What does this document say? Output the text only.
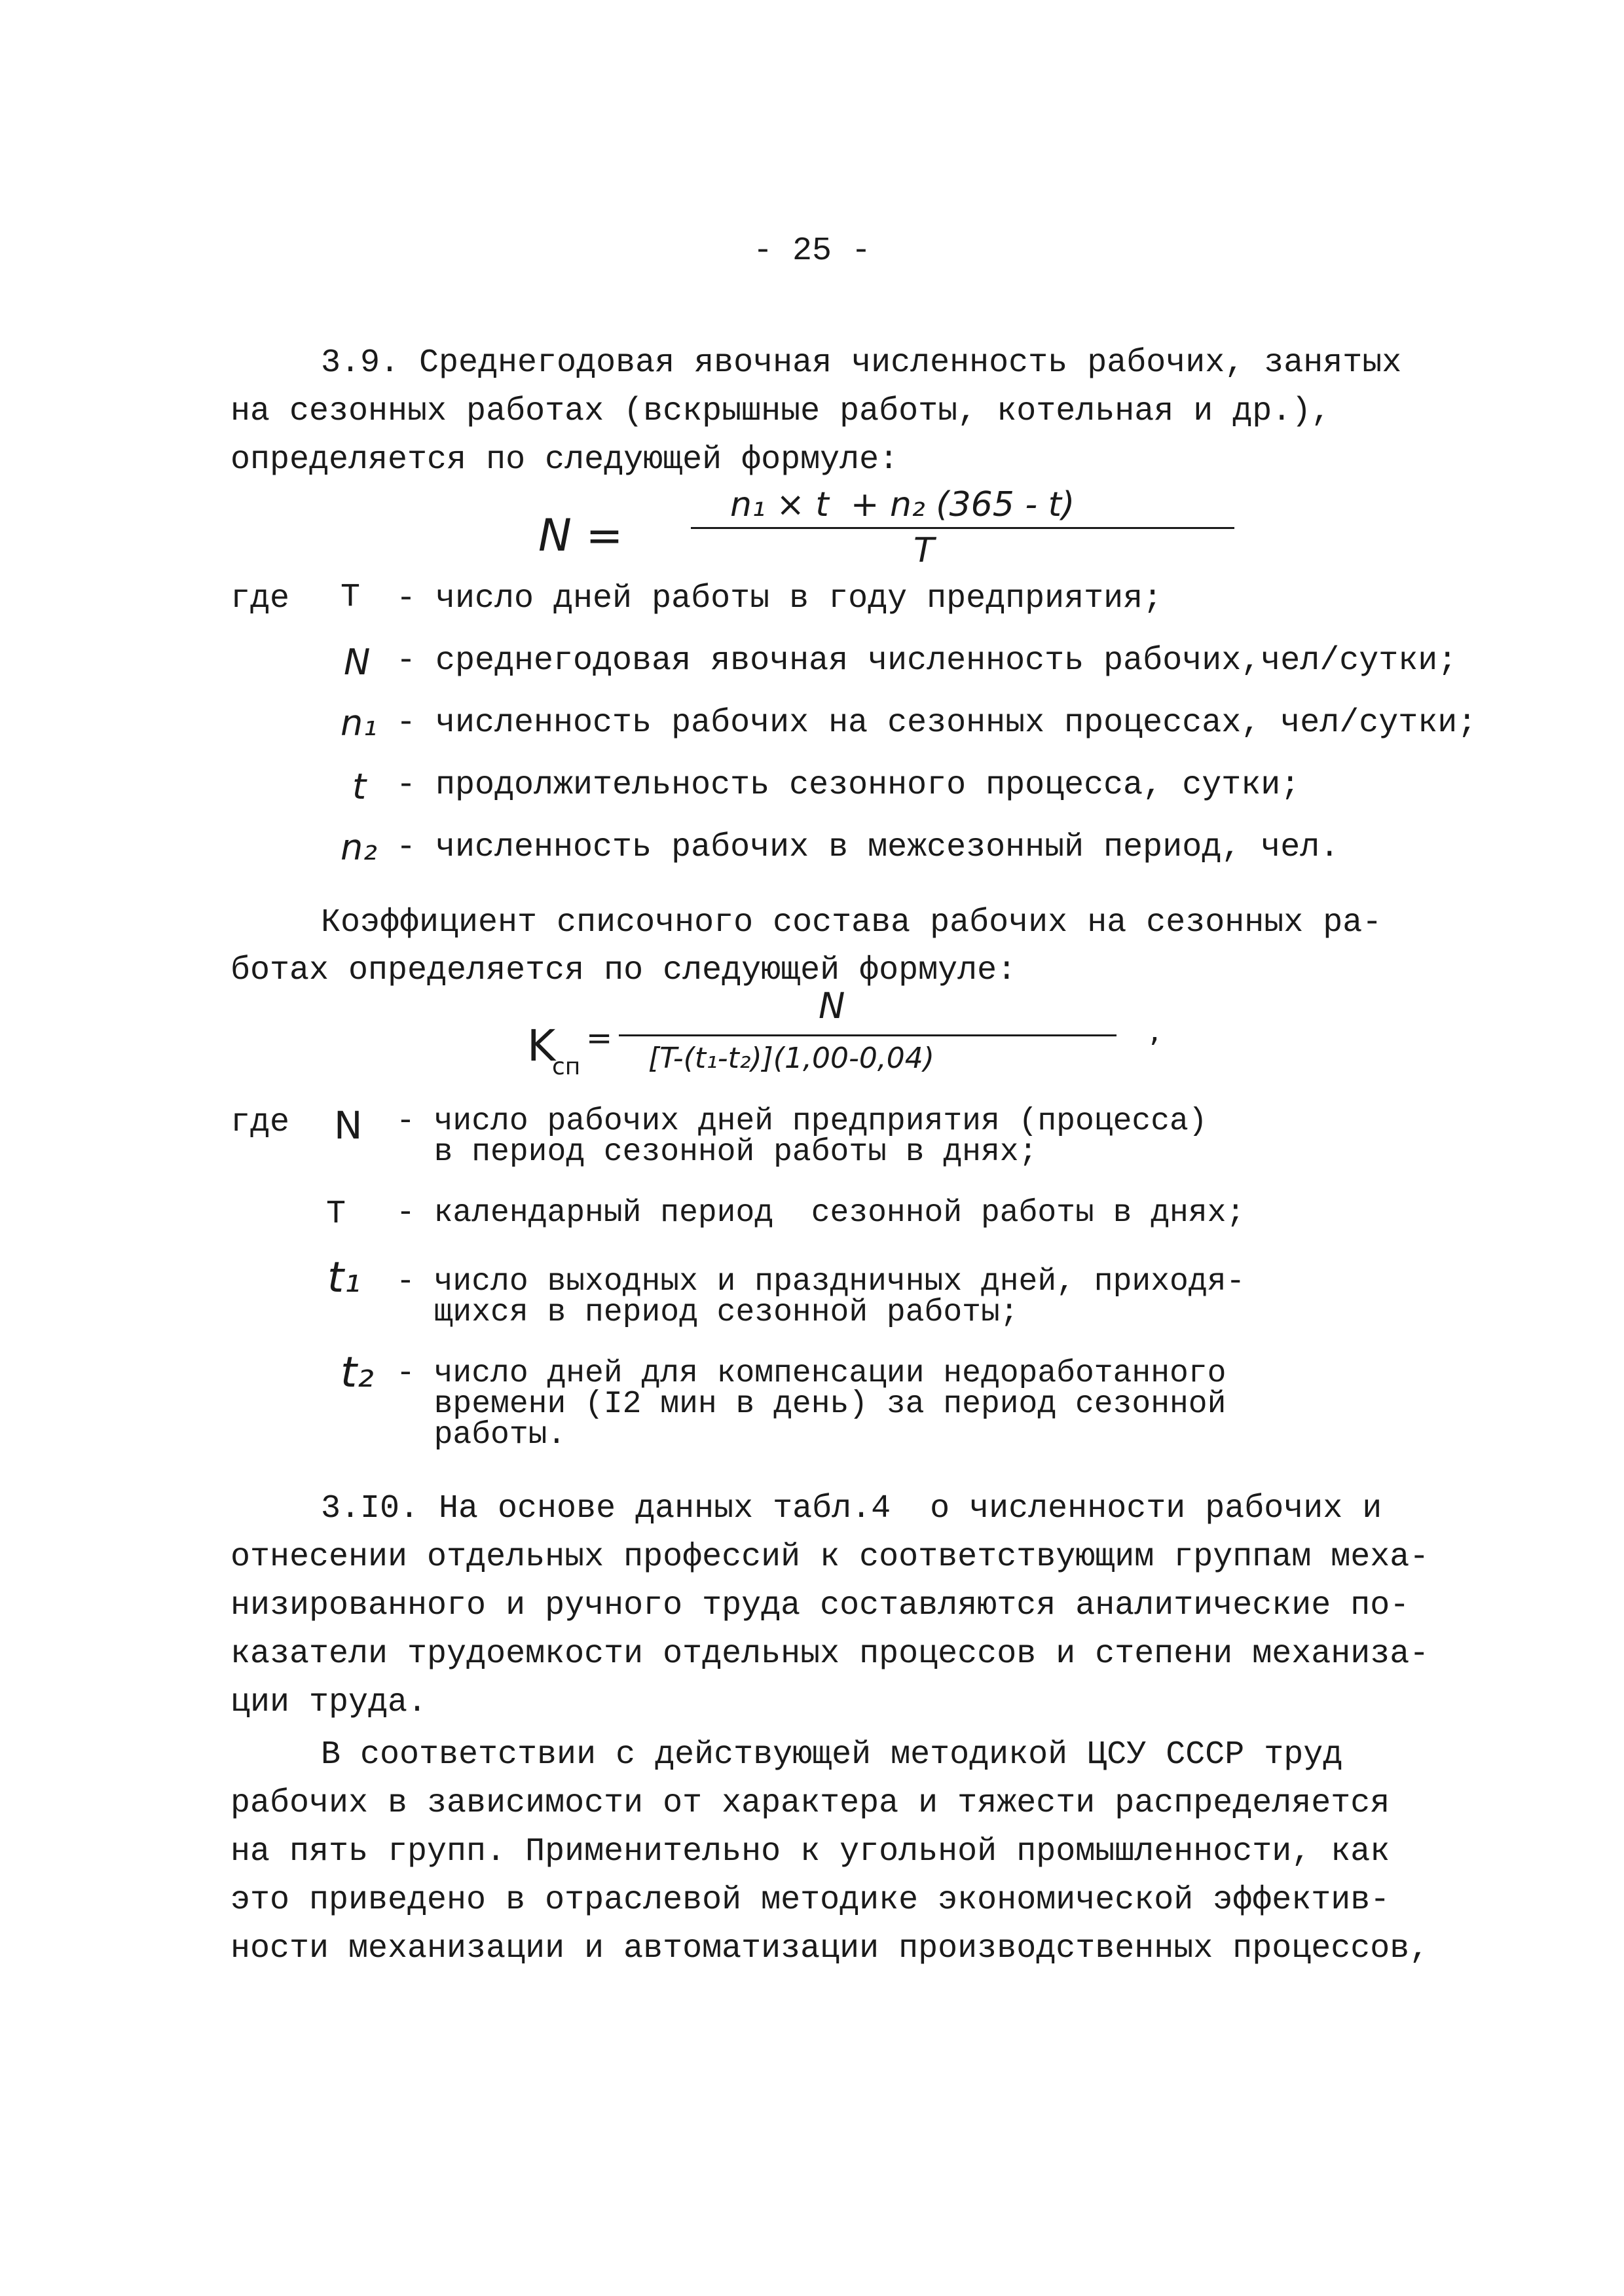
- 25 -
3.9. Среднегодовая явочная численность рабочих, занятых
на сезонных работах (вскрышные работы, котельная и др.),
определяется по следующей формуле:
N =
n₁ × t  + n₂ (365 - t)
T
где T - число дней работы в году предприятия;
N - среднегодовая явочная численность рабочих,чел/сутки;
n₁ - численность рабочих на сезонных процессах, чел/сутки;
t - продолжительность сезонного процесса, сутки;
n₂ - численность рабочих в межсезонный период, чел.
Коэффициент списочного состава рабочих на сезонных ра-
ботах определяется по следующей формуле:
K
сп
=
N
[T-(t₁-t₂)](1,00-0,04)
,
где N - число рабочих дней предприятия (процесса)
в период сезонной работы в днях;
T - календарный период  сезонной работы в днях;
t₁ - число выходных и праздничных дней, приходя-
щихся в период сезонной работы;
t₂ - число дней для компенсации недоработанного
времени (I2 мин в день) за период сезонной
работы.
3.I0. На основе данных табл.4  о численности рабочих и
отнесении отдельных профессий к соответствующим группам меха-
низированного и ручного труда составляются аналитические по-
казатели трудоемкости отдельных процессов и степени механиза-
ции труда.
В соответствии с действующей методикой ЦСУ СССР труд
рабочих в зависимости от характера и тяжести распределяется
на пять групп. Применительно к угольной промышленности, как
это приведено в отраслевой методике экономической эффектив-
ности механизации и автоматизации производственных процессов,
